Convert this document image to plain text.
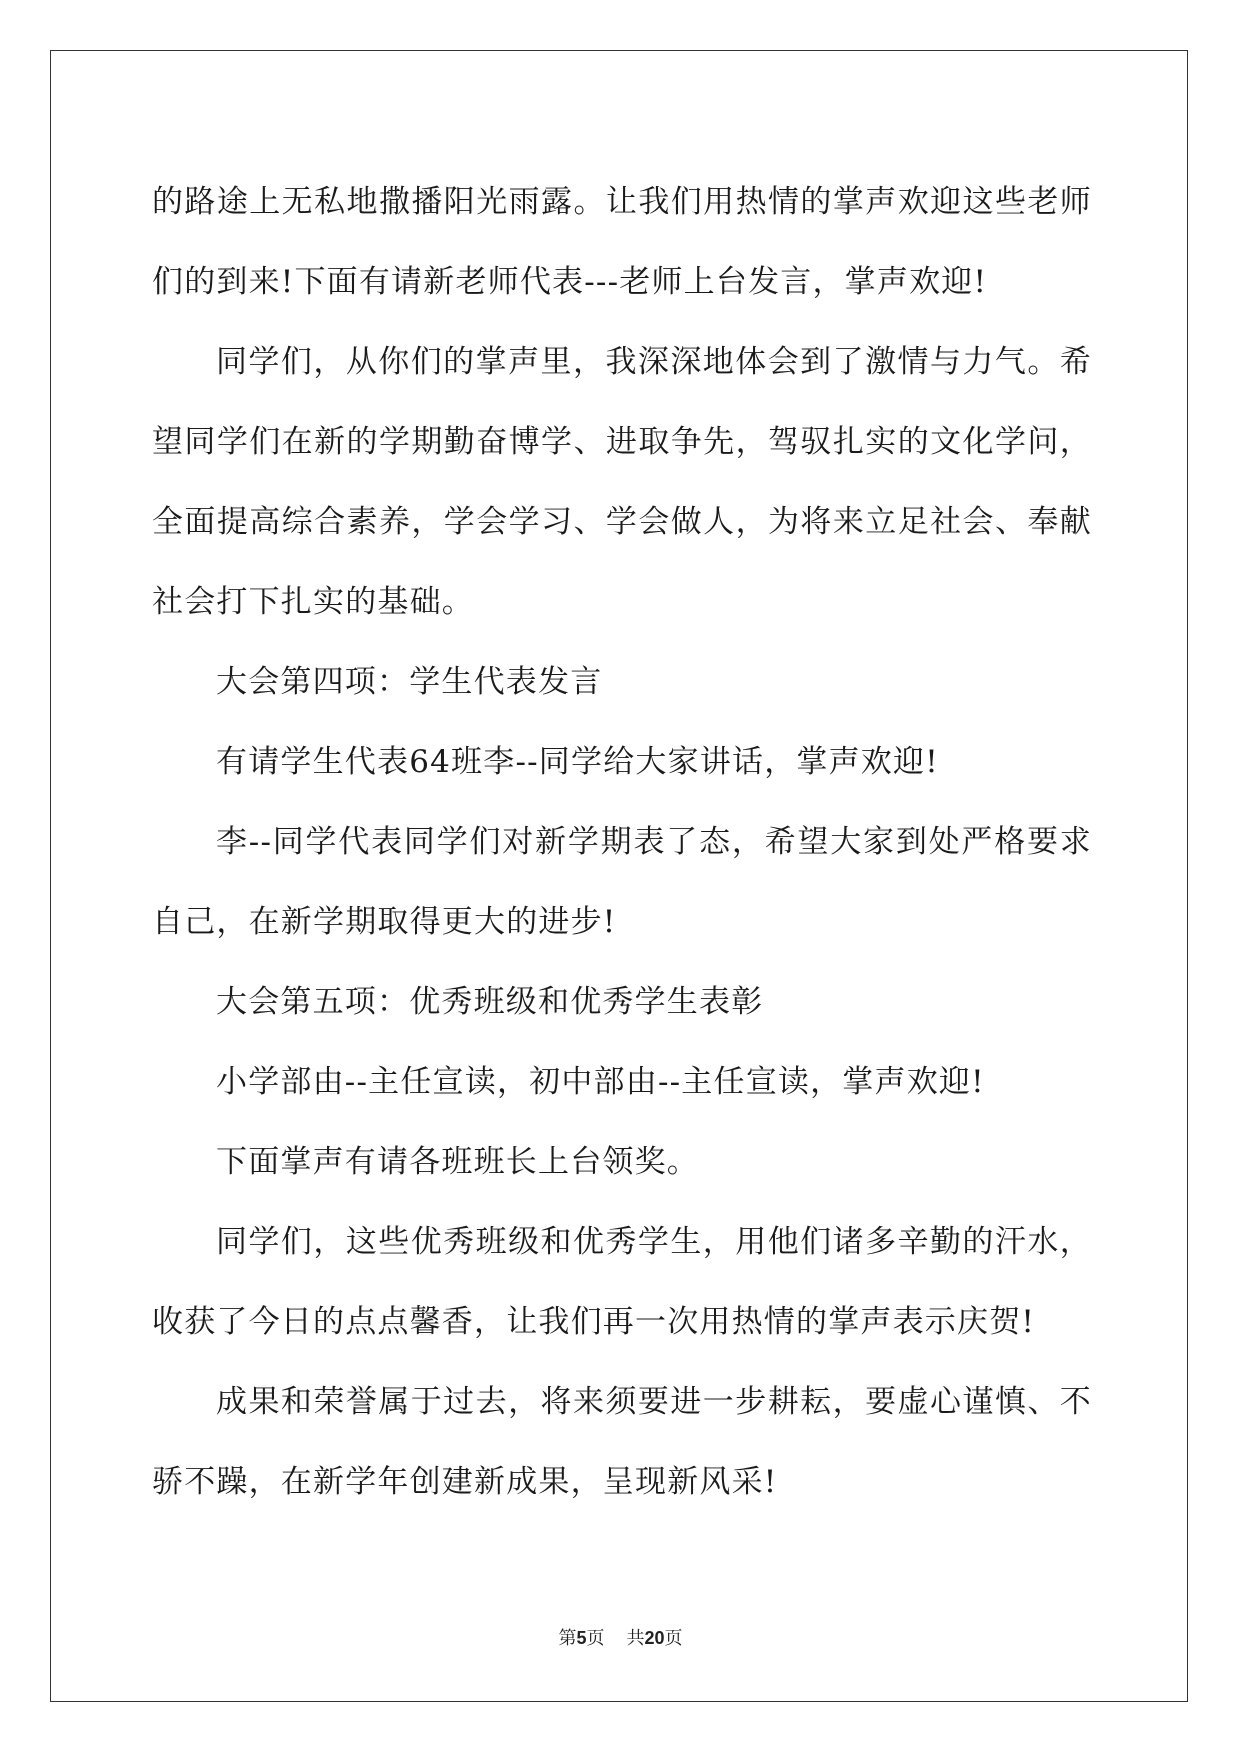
的路途上无私地撒播阳光雨露。让我们用热情的掌声欢迎这些老师们的到来!下面有请新老师代表---老师上台发言，掌声欢迎!

同学们，从你们的掌声里，我深深地体会到了激情与力气。希望同学们在新的学期勤奋博学、进取争先，驾驭扎实的文化学问，全面提高综合素养，学会学习、学会做人，为将来立足社会、奉献社会打下扎实的基础。

大会第四项：学生代表发言

有请学生代表64班李--同学给大家讲话，掌声欢迎!

李--同学代表同学们对新学期表了态，希望大家到处严格要求自己，在新学期取得更大的进步!

大会第五项：优秀班级和优秀学生表彰

小学部由--主任宣读，初中部由--主任宣读，掌声欢迎!

下面掌声有请各班班长上台领奖。

同学们，这些优秀班级和优秀学生，用他们诸多辛勤的汗水，收获了今日的点点馨香，让我们再一次用热情的掌声表示庆贺!

成果和荣誉属于过去，将来须要进一步耕耘，要虚心谨慎、不骄不躁，在新学年创建新成果，呈现新风采!

第5页 共20页
